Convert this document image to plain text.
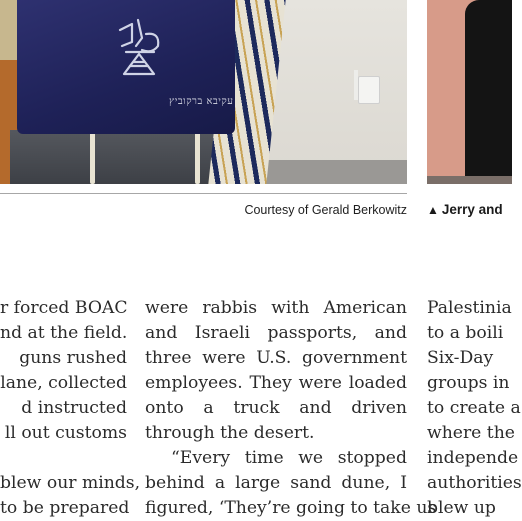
עקיבא ברקוביץ
Courtesy of Gerald Berkowitz ▲ Jerry and
r forced BOAC
nd at the field.
guns rushed
lane, collected
d instructed
ll out customs
blew our minds,
to be prepared
were rabbis with American
and Israeli passports, and
three were U.S. government
employees. They were loaded
onto a truck and driven
through the desert.
“Every time we stopped
behind a large sand dune, I
figured, ‘They’re going to take us
Palestinia
to a boili
Six-Day
groups in
to create a
where the
independe
authorities
blew up
